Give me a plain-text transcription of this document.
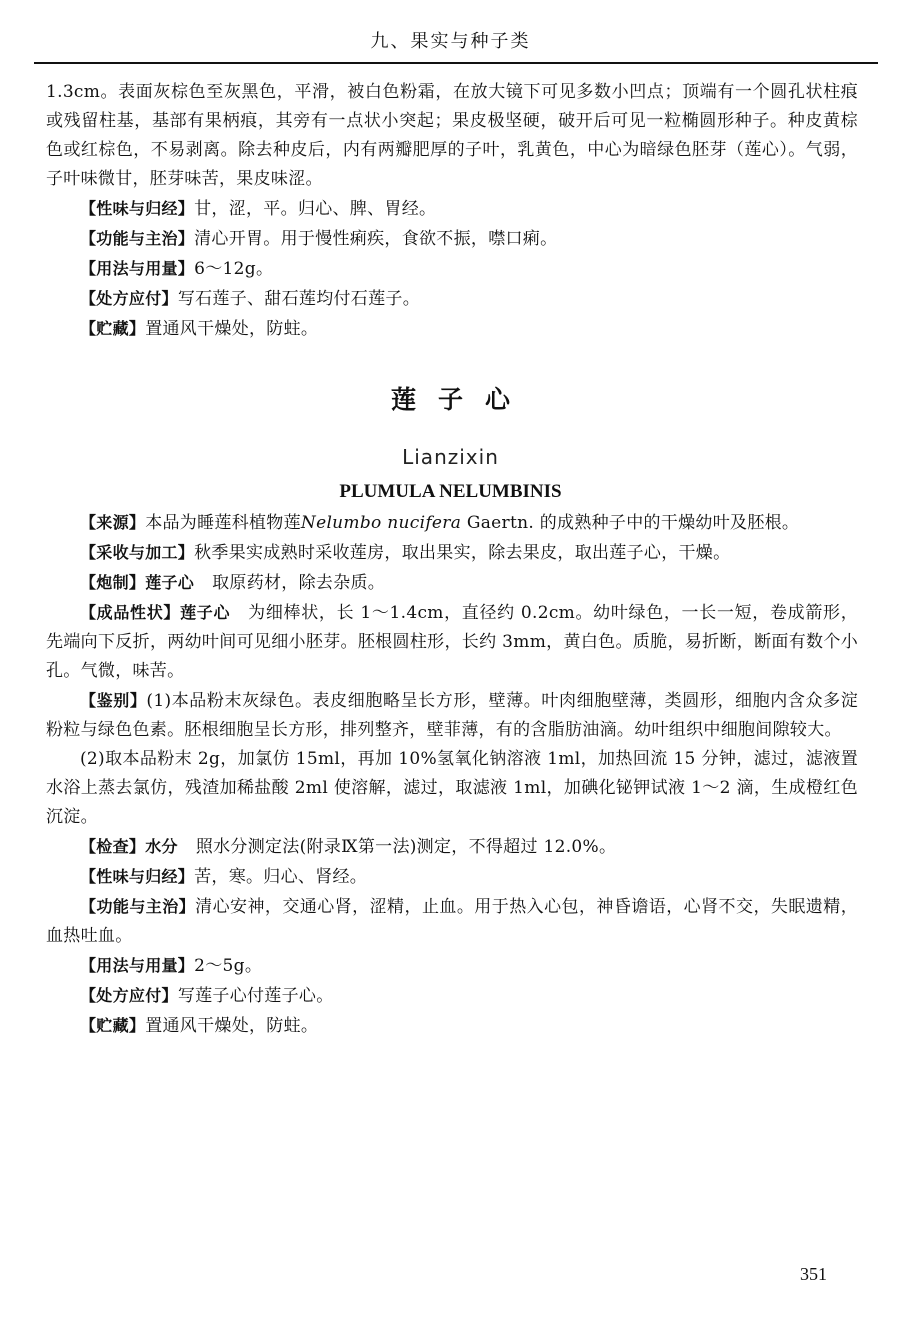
九、果实与种子类

1.3cm。表面灰棕色至灰黑色，平滑，被白色粉霜，在放大镜下可见多数小凹点；顶端有一个圆孔状柱痕或残留柱基，基部有果柄痕，其旁有一点状小突起；果皮极坚硬，破开后可见一粒椭圆形种子。种皮黄棕色或红棕色，不易剥离。除去种皮后，内有两瓣肥厚的子叶，乳黄色，中心为暗绿色胚芽（莲心）。气弱，子叶味微甘，胚芽味苦，果皮味涩。

【性味与归经】甘，涩，平。归心、脾、胃经。

【功能与主治】清心开胃。用于慢性痢疾，食欲不振，噤口痢。

【用法与用量】6～12g。

【处方应付】写石莲子、甜石莲均付石莲子。

【贮藏】置通风干燥处，防蛀。

莲子心
Lianzixin
PLUMULA NELUMBINIS

【来源】本品为睡莲科植物莲Nelumbo nucifera Gaertn. 的成熟种子中的干燥幼叶及胚根。

【采收与加工】秋季果实成熟时采收莲房，取出果实，除去果皮，取出莲子心，干燥。

【炮制】莲子心 取原药材，除去杂质。

【成品性状】莲子心 为细棒状，长 1～1.4cm，直径约 0.2cm。幼叶绿色，一长一短，卷成箭形，先端向下反折，两幼叶间可见细小胚芽。胚根圆柱形，长约 3mm，黄白色。质脆，易折断，断面有数个小孔。气微，味苦。

【鉴别】(1)本品粉末灰绿色。表皮细胞略呈长方形，壁薄。叶肉细胞壁薄，类圆形，细胞内含众多淀粉粒与绿色色素。胚根细胞呈长方形，排列整齐，壁菲薄，有的含脂肪油滴。幼叶组织中细胞间隙较大。

(2)取本品粉末 2g，加氯仿 15ml，再加 10%氢氧化钠溶液 1ml，加热回流 15 分钟，滤过，滤液置水浴上蒸去氯仿，残渣加稀盐酸 2ml 使溶解，滤过，取滤液 1ml，加碘化铋钾试液 1～2 滴，生成橙红色沉淀。

【检查】水分 照水分测定法(附录Ⅸ第一法)测定，不得超过 12.0%。

【性味与归经】苦，寒。归心、肾经。

【功能与主治】清心安神，交通心肾，涩精，止血。用于热入心包，神昏谵语，心肾不交，失眠遗精，血热吐血。

【用法与用量】2～5g。

【处方应付】写莲子心付莲子心。

【贮藏】置通风干燥处，防蛀。

351
